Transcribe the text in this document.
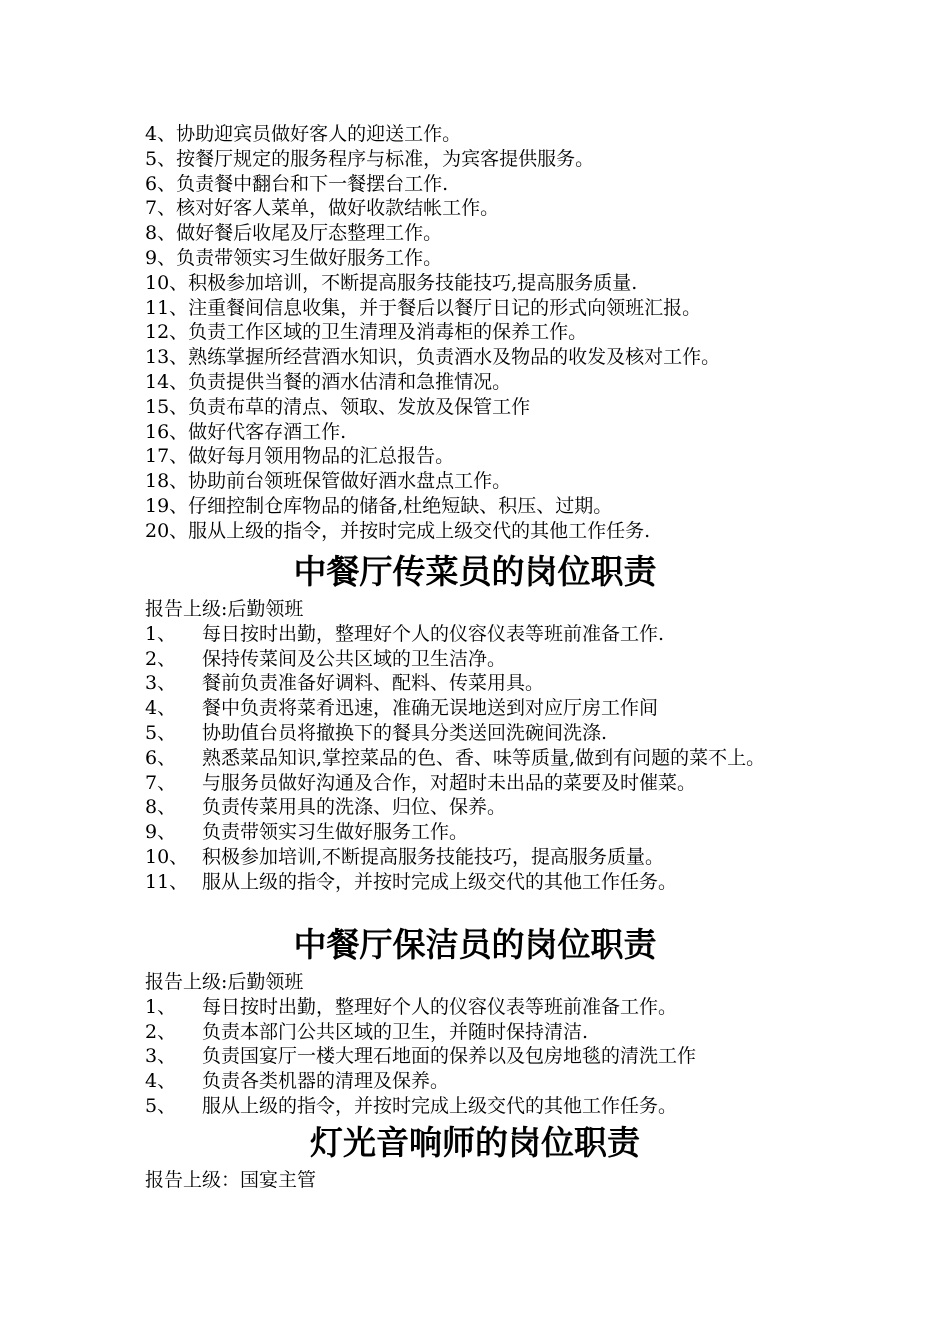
4、协助迎宾员做好客人的迎送工作。
5、按餐厅规定的服务程序与标准，为宾客提供服务。
6、负责餐中翻台和下一餐摆台工作.
7、核对好客人菜单，做好收款结帐工作。
8、做好餐后收尾及厅态整理工作。
9、负责带领实习生做好服务工作。
10、积极参加培训，不断提高服务技能技巧,提高服务质量.
11、注重餐间信息收集，并于餐后以餐厅日记的形式向领班汇报。
12、负责工作区域的卫生清理及消毒柜的保养工作。
13、熟练掌握所经营酒水知识，负责酒水及物品的收发及核对工作。
14、负责提供当餐的酒水估清和急推情况。
15、负责布草的清点、领取、发放及保管工作
16、做好代客存酒工作.
17、做好每月领用物品的汇总报告。
18、协助前台领班保管做好酒水盘点工作。
19、仔细控制仓库物品的储备,杜绝短缺、积压、过期。
20、服从上级的指令，并按时完成上级交代的其他工作任务.
中餐厅传菜员的岗位职责
报告上级:后勤领班
1、	每日按时出勤，整理好个人的仪容仪表等班前准备工作.
2、	保持传菜间及公共区域的卫生洁净。
3、	餐前负责准备好调料、配料、传菜用具。
4、	餐中负责将菜肴迅速，准确无误地送到对应厅房工作间
5、	协助值台员将撤换下的餐具分类送回洗碗间洗涤.
6、	熟悉菜品知识,掌控菜品的色、香、味等质量,做到有问题的菜不上。
7、	与服务员做好沟通及合作，对超时未出品的菜要及时催菜。
8、	负责传菜用具的洗涤、归位、保养。
9、	负责带领实习生做好服务工作。
10、 积极参加培训,不断提高服务技能技巧，提高服务质量。
11、 服从上级的指令，并按时完成上级交代的其他工作任务。
中餐厅保洁员的岗位职责
报告上级:后勤领班
1、	每日按时出勤，整理好个人的仪容仪表等班前准备工作。
2、	负责本部门公共区域的卫生，并随时保持清洁.
3、	负责国宴厅一楼大理石地面的保养以及包房地毯的清洗工作
4、	负责各类机器的清理及保养。
5、	服从上级的指令，并按时完成上级交代的其他工作任务。
灯光音响师的岗位职责
报告上级：国宴主管
